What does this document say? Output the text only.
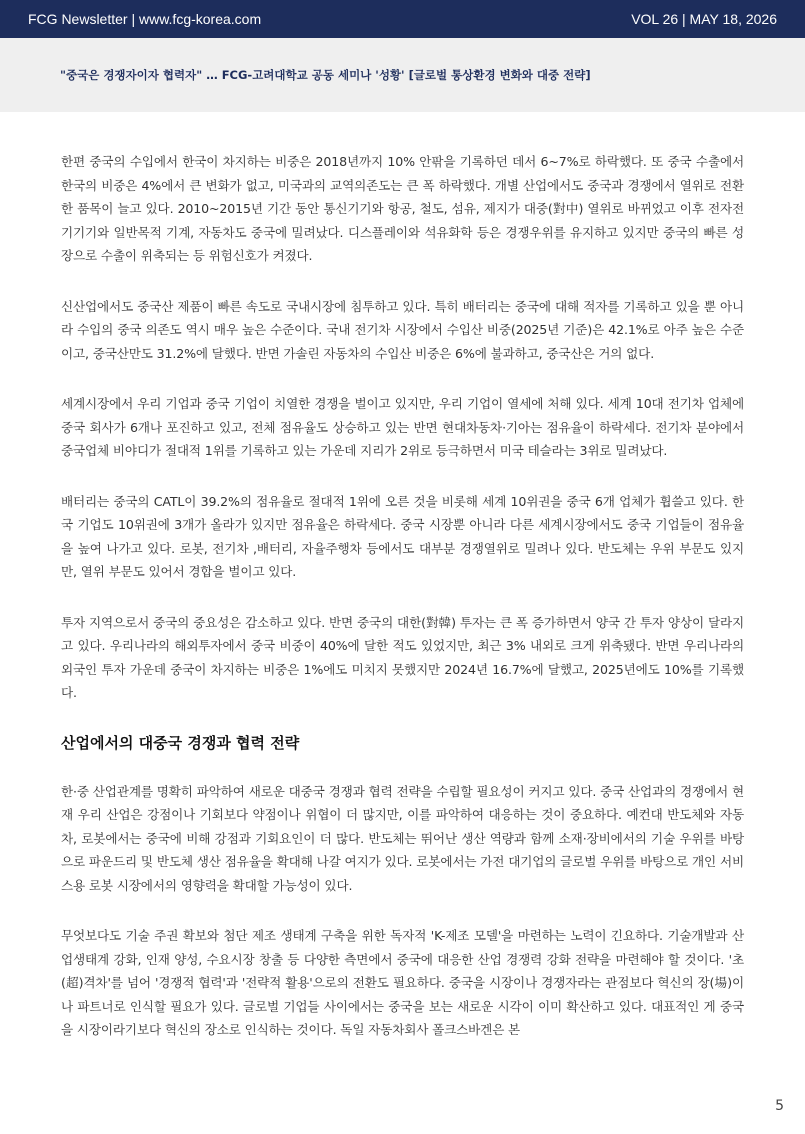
FCG Newsletter | www.fcg-korea.com	VOL 26 | MAY 18, 2026
"중국은 경쟁자이자 협력자" … FCG-고려대학교 공동 세미나 '성황' [글로벌 통상환경 변화와 대중 전략]

한편 중국의 수입에서 한국이 차지하는 비중은 2018년까지 10% 안팎을 기록하던 데서 6~7%로 하락했다. 또 중국 수출에서 한국의 비중은 4%에서 큰 변화가 없고, 미국과의 교역의존도는 큰 폭 하락했다. 개별 산업에서도 중국과 경쟁에서 열위로 전환한 품목이 늘고 있다. 2010~2015년 기간 동안 통신기기와 항공, 철도, 섬유, 제지가 대중(對中) 열위로 바뀌었고 이후 전자전기기기와 일반목적 기계, 자동차도 중국에 밀려났다. 디스플레이와 석유화학 등은 경쟁우위를 유지하고 있지만 중국의 빠른 성장으로 수출이 위축되는 등 위험신호가 켜졌다.

신산업에서도 중국산 제품이 빠른 속도로 국내시장에 침투하고 있다. 특히 배터리는 중국에 대해 적자를 기록하고 있을 뿐 아니라 수입의 중국 의존도 역시 매우 높은 수준이다. 국내 전기차 시장에서 수입산 비중(2025년 기준)은 42.1%로 아주 높은 수준이고, 중국산만도 31.2%에 달했다. 반면 가솔린 자동차의 수입산 비중은 6%에 불과하고, 중국산은 거의 없다.

세계시장에서 우리 기업과 중국 기업이 치열한 경쟁을 벌이고 있지만, 우리 기업이 열세에 처해 있다. 세계 10대 전기차 업체에 중국 회사가 6개나 포진하고 있고, 전체 점유율도 상승하고 있는 반면 현대차동차·기아는 점유율이 하락세다. 전기차 분야에서 중국업체 비야디가 절대적 1위를 기록하고 있는 가운데 지리가 2위로 등극하면서 미국 테슬라는 3위로 밀려났다.

배터리는 중국의 CATL이 39.2%의 점유율로 절대적 1위에 오른 것을 비롯해 세계 10위권을 중국 6개 업체가 휩쓸고 있다. 한국 기업도 10위권에 3개가 올라가 있지만 점유율은 하락세다. 중국 시장뿐 아니라 다른 세계시장에서도 중국 기업들이 점유율을 높여 나가고 있다. 로봇, 전기차 ,배터리, 자율주행차 등에서도 대부분 경쟁열위로 밀려나 있다. 반도체는 우위 부문도 있지만, 열위 부문도 있어서 경합을 벌이고 있다.

투자 지역으로서 중국의 중요성은 감소하고 있다. 반면 중국의 대한(對韓) 투자는 큰 폭 증가하면서 양국 간 투자 양상이 달라지고 있다. 우리나라의 해외투자에서 중국 비중이 40%에 달한 적도 있었지만, 최근 3% 내외로 크게 위축됐다. 반면 우리나라의 외국인 투자 가운데 중국이 차지하는 비중은 1%에도 미치지 못했지만 2024년 16.7%에 달했고, 2025년에도 10%를 기록했다.

산업에서의 대중국 경쟁과 협력 전략

한·중 산업관계를 명확히 파악하여 새로운 대중국 경쟁과 협력 전략을 수립할 필요성이 커지고 있다. 중국 산업과의 경쟁에서 현재 우리 산업은 강점이나 기회보다 약점이나 위협이 더 많지만, 이를 파악하여 대응하는 것이 중요하다. 예컨대 반도체와 자동차, 로봇에서는 중국에 비해 강점과 기회요인이 더 많다. 반도체는 뛰어난 생산 역량과 함께 소재·장비에서의 기술 우위를 바탕으로 파운드리 및 반도체 생산 점유율을 확대해 나갈 여지가 있다. 로봇에서는 가전 대기업의 글로벌 우위를 바탕으로 개인 서비스용 로봇 시장에서의 영향력을 확대할 가능성이 있다.

무엇보다도 기술 주권 확보와 첨단 제조 생태계 구축을 위한 독자적 'K-제조 모델'을 마련하는 노력이 긴요하다. 기술개발과 산업생태계 강화, 인재 양성, 수요시장 창출 등 다양한 측면에서 중국에 대응한 산업 경쟁력 강화 전략을 마련해야 할 것이다. '초(超)격차'를 넘어 '경쟁적 협력'과 '전략적 활용'으로의 전환도 필요하다. 중국을 시장이나 경쟁자라는 관점보다 혁신의 장(場)이나 파트너로 인식할 필요가 있다. 글로벌 기업들 사이에서는 중국을 보는 새로운 시각이 이미 확산하고 있다. 대표적인 게 중국을 시장이라기보다 혁신의 장소로 인식하는 것이다. 독일 자동차회사 폴크스바겐은 본

5
